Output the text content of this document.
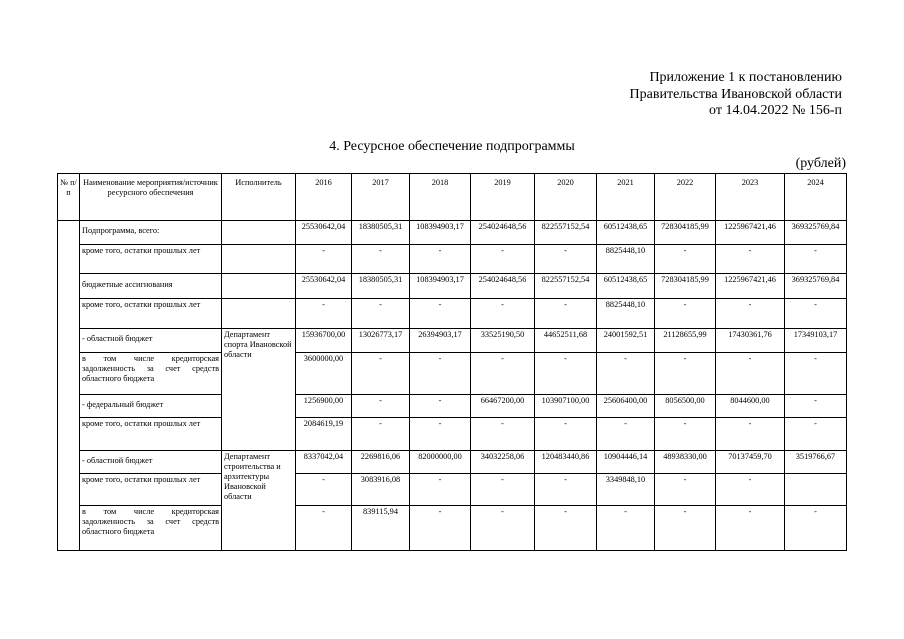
Приложение 1 к постановлению
Правительства Ивановской области
от 14.04.2022 № 156-п
4. Ресурсное обеспечение подпрограммы
(рублей)
№ п/п	Наименование мероприятия/источник ресурсного обеспечения	Исполнитель	2016	2017	2018	2019	2020	2021	2022	2023	2024
	Подпрограмма, всего:		25530642,04	18380505,31	108394903,17	254024648,56	822557152,54	60512438,65	728304185,99	1225967421,46	369325769,84
	кроме того, остатки прошлых лет		-	-	-	-	-	8825448,10	-	-	-
	бюджетные ассигнования		25530642,04	18380505,31	108394903,17	254024648,56	822557152,54	60512438,65	728304185,99	1225967421,46	369325769,84
	кроме того, остатки прошлых лет		-	-	-	-	-	8825448,10	-	-	-
	- областной бюджет	Департамент спорта Ивановской области	15936700,00	13026773,17	26394903,17	33525190,50	44652511,68	24001592,51	21128655,99	17430361,76	17349103,17
	в том числе кредиторская задолженность за счет средств областного бюджета		3600000,00	-	-	-	-	-	-	-	-
	- федеральный бюджет		1256900,00	-	-	66467200,00	103907100,00	25606400,00	8056500,00	8044600,00	-
	кроме того, остатки прошлых лет		2084619,19	-	-	-	-	-	-	-	-
	- областной бюджет	Департамент строительства и архитектуры Ивановской области	8337042,04	2269816,06	82000000,00	34032258,06	120483440,86	10904446,14	48938330,00	70137459,70	3519766,67
	кроме того, остатки прошлых лет		-	3083916,08	-	-	-	3349848,10	-	-	
	в том числе кредиторская задолженность за счет средств областного бюджета		-	839115,94	-	-	-	-	-	-	-
